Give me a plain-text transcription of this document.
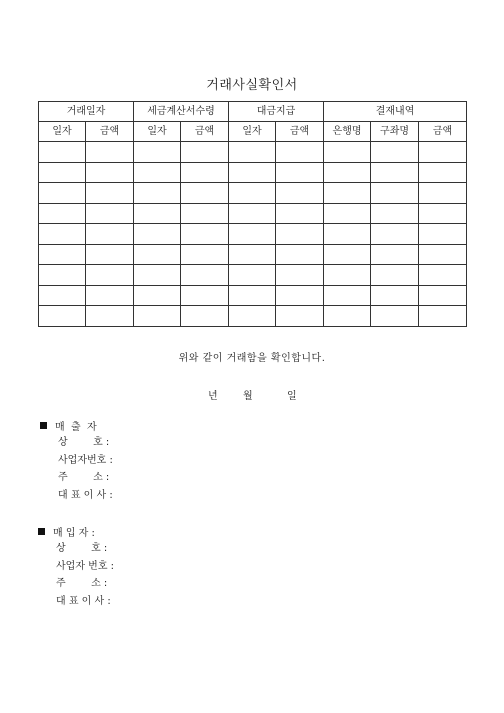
거래사실확인서
거래일자		세금계산서수령		대금지급		결재내역		
일자	금액	일자	금액	일자	금액	은행명	구좌명	금액

위와 같이 거래함을 확인합니다.
년	월	일
매  출  자
상        호 :
사업자번호 :
주        소 :
대 표 이 사 :
매 입 자 :
상        호 :
사업자 번호 :
주        소 :
대 표 이 사 :
